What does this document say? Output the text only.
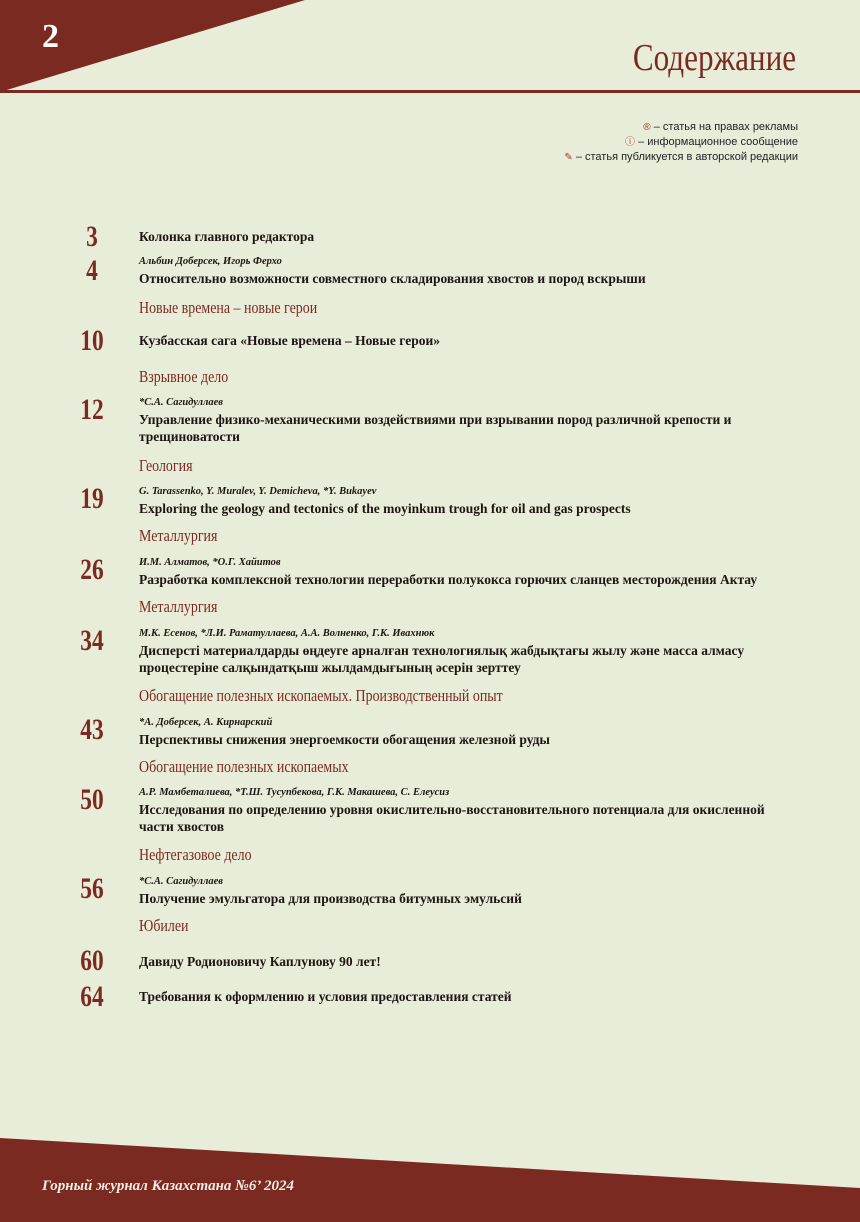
2
Содержание
® – статья на правах рекламы
ⓘ – информационное сообщение
✎ – статья публикуется в авторской редакции
3	Колонка главного редактора
4	Альбин Доберсек, Игорь Ферхо
Относительно возможности совместного складирования хвостов и пород вскрыши
Новые времена – новые герои
10	Кузбасская сага «Новые времена – Новые герои»
Взрывное дело
12	*С.А. Сагидуллаев
Управление физико-механическими воздействиями при взрывании пород различной крепости и трещиноватости
Геология
19	G. Tarassenko, Y. Muralev, Y. Demicheva, *Y. Bukayev
Exploring the geology and tectonics of the moyinkum trough for oil and gas prospects
Металлургия
26	И.М. Алматов, *О.Г. Хайитов
Разработка комплексной технологии переработки полукокса горючих сланцев месторождения Актау
Металлургия
34	М.К. Есенов, *Л.И. Раматуллаева, А.А. Волненко, Г.К. Ивахнюк
Дисперсті материалдарды өңдеуге арналған технологиялық жабдықтағы жылу және масса алмасу процестеріне салқындатқыш жылдамдығының әсерін зерттеу
Обогащение полезных ископаемых. Производственный опыт
43	*А. Доберсек, А. Кирнарский
Перспективы снижения энергоемкости обогащения железной руды
Обогащение полезных ископаемых
50	А.Р. Мамбеталиева, *Т.Ш. Тусупбекова, Г.К. Макашева, С. Елеусиз
Исследования по определению уровня окислительно-восстановительного потенциала для окисленной части хвостов
Нефтегазовое дело
56	*С.А. Сагидуллаев
Получение эмульгатора для производства битумных эмульсий
Юбилеи
60	Давиду Родионовичу Каплунову 90 лет!
64	Требования к оформлению и условия предоставления статей
Горный журнал Казахстана №6’ 2024
